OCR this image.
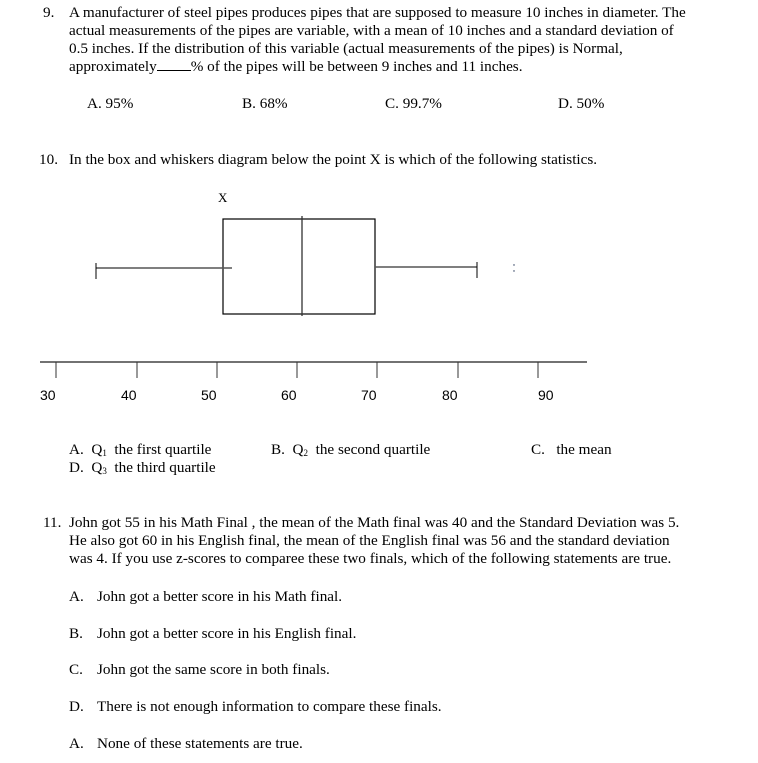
9. A manufacturer of steel pipes produces pipes that are supposed to measure 10 inches in diameter. The
actual measurements of the pipes are variable, with a mean of 10 inches and a standard deviation of
0.5 inches. If the distribution of this variable (actual measurements of the pipes) is Normal,
approximately % of the pipes will be between 9 inches and 11 inches.
A. 95%	B. 68%	C. 99.7%	D. 50%
10. In the box and whiskers diagram below the point X is which of the following statistics.
X
30	40	50	60	70	80	90
A. $Q_1$ the first quartile	B. $Q_2$ the second quartile	C. the mean
D. $Q_3$ the third quartile
11. John got 55 in his Math Final , the mean of the Math final was 40 and the Standard Deviation was 5.
He also got 60 in his English final, the mean of the English final was 56 and the standard deviation
was 4. If you use z-scores to comparee these two finals, which of the following statements are true.
A. John got a better score in his Math final.
B. John got a better score in his English final.
C. John got the same score in both finals.
D. There is not enough information to compare these finals.
A. None of these statements are true.
